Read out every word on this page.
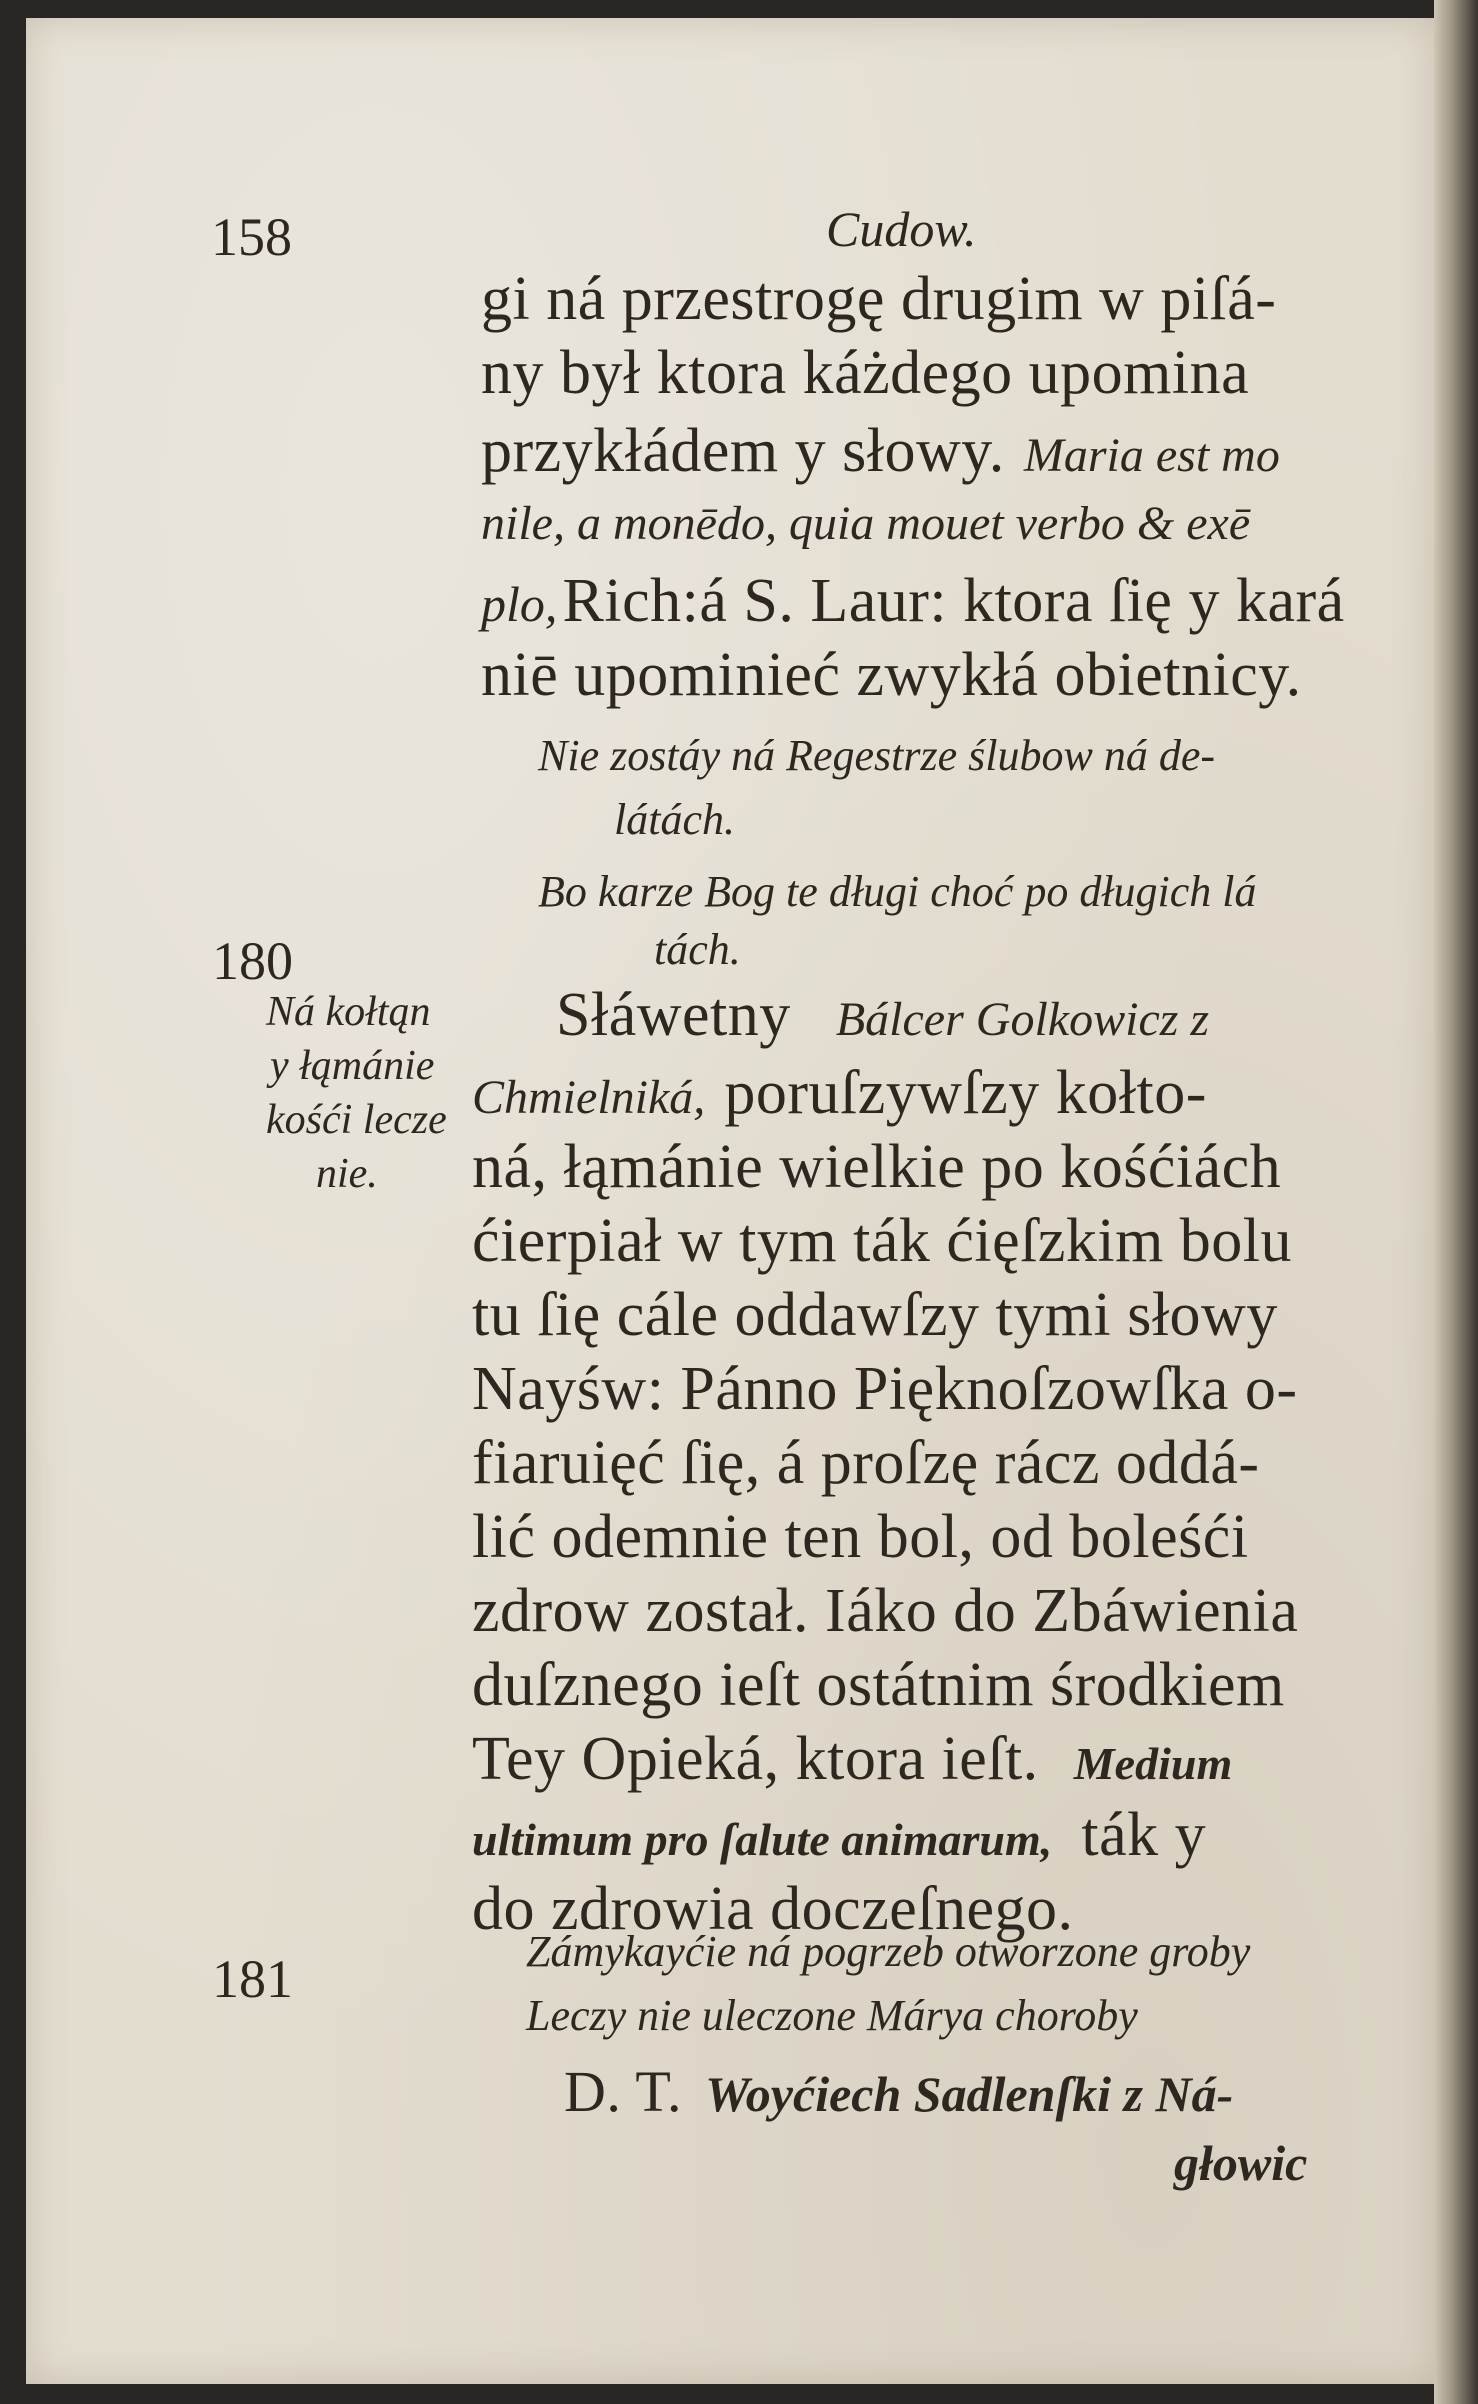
158	Cudow.
gi ná przestrogę drugim w piſá-
ny był ktora káżdego upomina
przykłádem y słowy. Maria est mo
nile, a monēdo, quia mouet verbo & exē
plo, Rich:á S. Laur: ktora ſię y kará
niē upominieć zwykłá obietnicy.
Nie zostáy ná Regestrze ślubow ná de-
látách.
Bo karze Bog te długi choć po długich lá
tách.
180
Ná kołtąn
y łąmánie
kośći lecze
nie.
Słáwetny Bálcer Golkowicz z
Chmielniká, poruſzywſzy kołto-
ná, łąmánie wielkie po kośćiách
ćierpiał w tym ták ćięſzkim bolu
tu ſię cále oddawſzy tymi słowy
Nayśw: Pánno Pięknoſzowſka o-
fiaruięć ſię, á proſzę rácz oddá-
lić odemnie ten bol, od boleśći
zdrow został. Iáko do Zbáwienia
duſznego ieſt ostátnim środkiem
Tey Opieká, ktora ieſt. Medium
ultimum pro ſalute animarum, ták y
do zdrowia doczeſnego.
181	Zámykayćie ná pogrzeb otworzone groby
Leczy nie uleczone Márya choroby
D. T. Woyćiech Sadlenſki z Ná-
głowic
